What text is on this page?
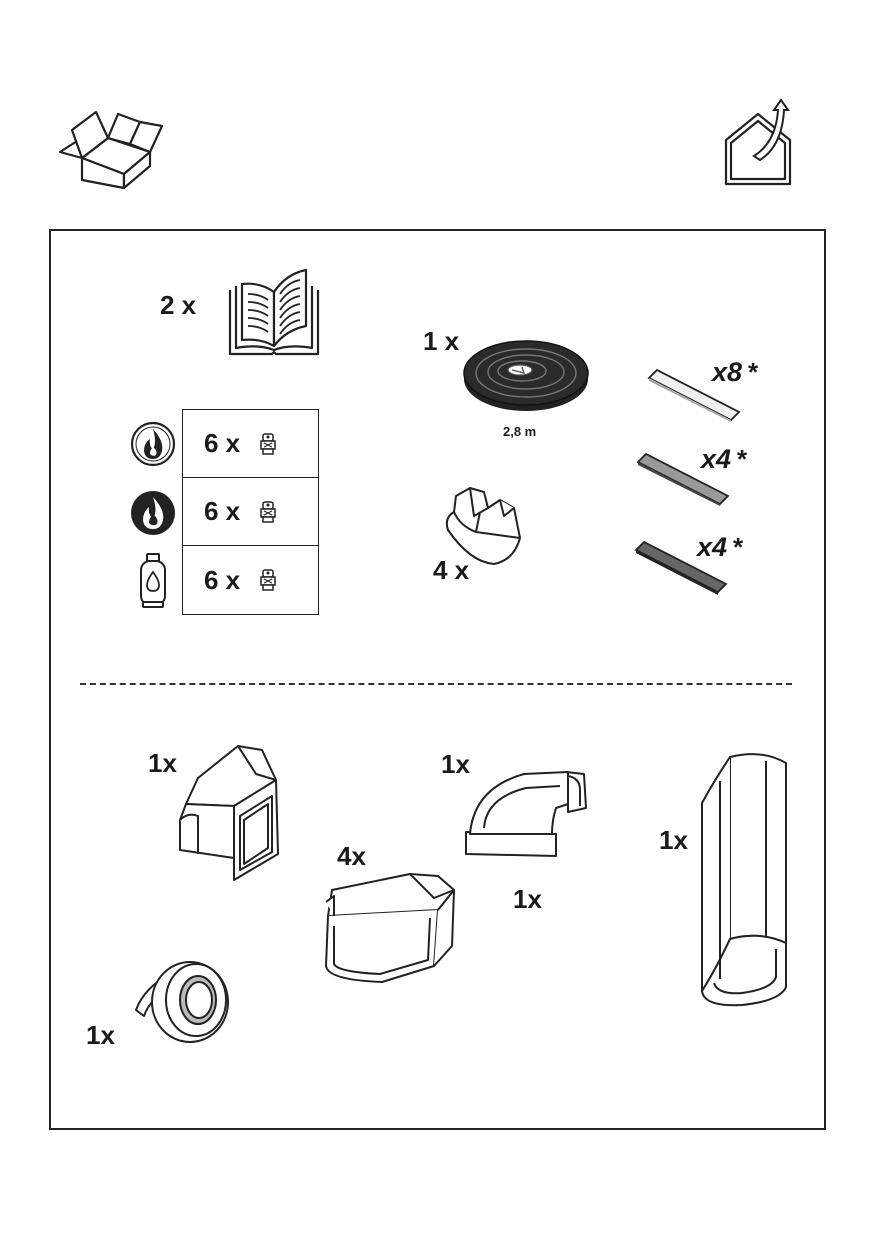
2 x
1 x
2,8 m
x8 *
x4 *
x4 *
4 x
6 x
6 x
6 x
1x	1x
1x
1x
4x
1x
